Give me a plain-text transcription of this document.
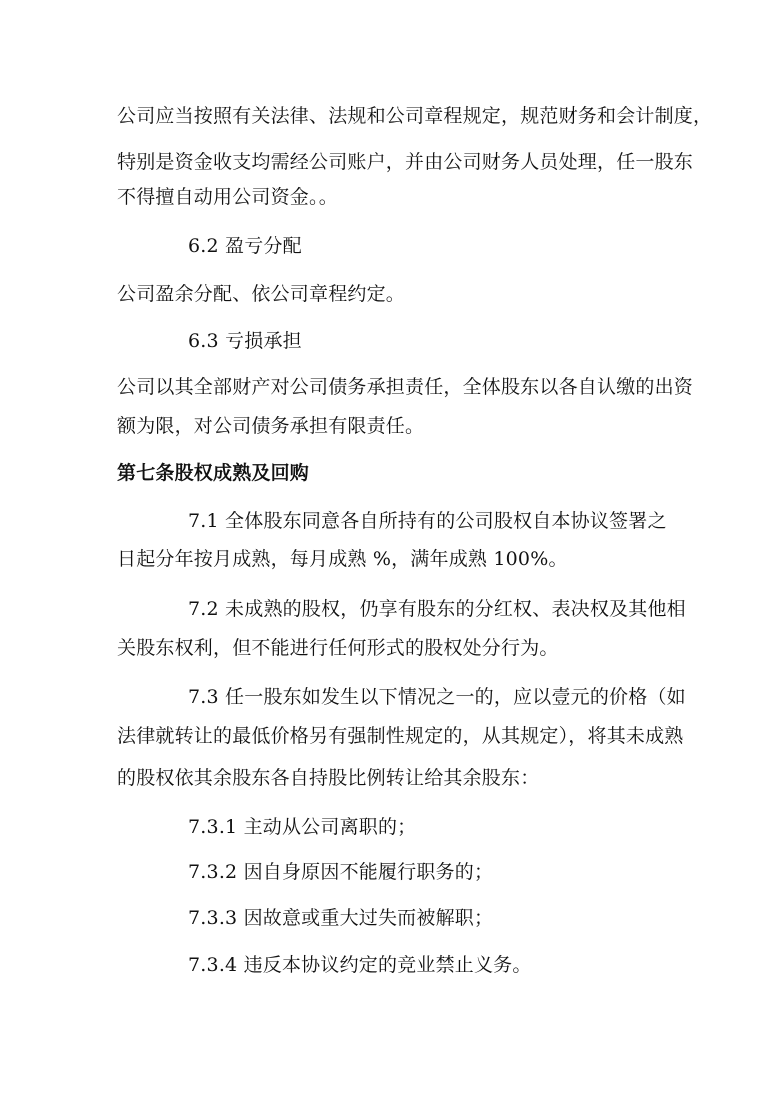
公司应当按照有关法律、法规和公司章程规定，规范财务和会计制度，
特别是资金收支均需经公司账户，并由公司财务人员处理，任一股东
不得擅自动用公司资金。。
6.2 盈亏分配
公司盈余分配、依公司章程约定。
6.3 亏损承担
公司以其全部财产对公司债务承担责任，全体股东以各自认缴的出资
额为限，对公司债务承担有限责任。
第七条股权成熟及回购
7.1 全体股东同意各自所持有的公司股权自本协议签署之
日起分年按月成熟，每月成熟 %，满年成熟 100%。
7.2 未成熟的股权，仍享有股东的分红权、表决权及其他相
关股东权利，但不能进行任何形式的股权处分行为。
7.3 任一股东如发生以下情况之一的，应以壹元的价格（如
法律就转让的最低价格另有强制性规定的，从其规定），将其未成熟
的股权依其余股东各自持股比例转让给其余股东：
7.3.1 主动从公司离职的；
7.3.2 因自身原因不能履行职务的；
7.3.3 因故意或重大过失而被解职；
7.3.4 违反本协议约定的竞业禁止义务。
